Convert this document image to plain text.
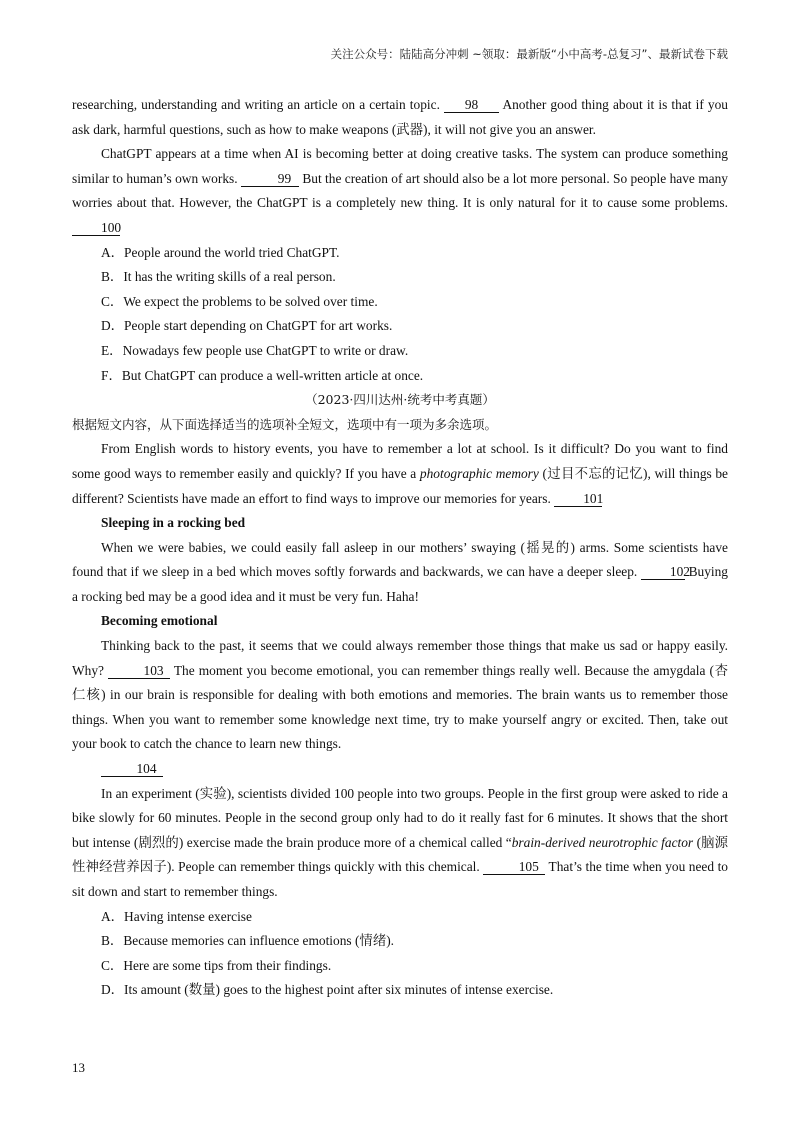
关注公众号：陆陆高分冲刺 ~领取：最新版“小中高考-总复习”、最新试卷下载

researching, understanding and writing an article on a certain topic. 98 Another good thing about it is that if you ask dark, harmful questions, such as how to make weapons (武器), it will not give you an answer.

ChatGPT appears at a time when AI is becoming better at doing creative tasks. The system can produce something similar to human’s own works.	99 But the creation of art should also be a lot more personal. So people have many worries about that. However, the ChatGPT is a completely new thing. It is only natural for it to cause some problems. 100

A．People around the world tried ChatGPT.

B．It has the writing skills of a real person.

C．We expect the problems to be solved over time.

D．People start depending on ChatGPT for art works.

E．Nowadays few people use ChatGPT to write or draw.

F．But ChatGPT can produce a well-written article at once.

（2023·四川达州·统考中考真题）

根据短文内容，从下面选择适当的选项补全短文，选项中有一项为多余选项。

From English words to history events, you have to remember a lot at school. Is it difficult? Do you want to find some good ways to remember easily and quickly? If you have a photographic memory (过目不忘的记忆), will things be different? Scientists have made an effort to find ways to improve our memories for years. 101

Sleeping in a rocking bed

When we were babies, we could easily fall asleep in our mothers’ swaying (摇晃的) arms. Some scientists have found that if we sleep in a bed which moves softly forwards and backwards, we can have a deeper sleep. 102 Buying a rocking bed may be a good idea and it must be very fun. Haha!

Becoming emotional

Thinking back to the past, it seems that we could always remember those things that make us sad or happy easily. Why?	103 The moment you become emotional, you can remember things really well. Because the amygdala (杏仁核) in our brain is responsible for dealing with both emotions and memories. The brain wants us to remember those things. When you want to remember some knowledge next time, try to make yourself angry or excited. Then, take out your book to catch the chance to learn new things.

104

In an experiment (实验), scientists divided 100 people into two groups. People in the first group were asked to ride a bike slowly for 60 minutes. People in the second group only had to do it really fast for 6 minutes. It shows that the short but intense (剧烈的) exercise made the brain produce more of a chemical called “brain-derived neurotrophic factor (脑源性神经营养因子). People can remember things quickly with this chemical.	105 That’s the time when you need to sit down and start to remember things.

A．Having intense exercise

B．Because memories can influence emotions (情绪).

C．Here are some tips from their findings.

D．Its amount (数量) goes to the highest point after six minutes of intense exercise.

13
